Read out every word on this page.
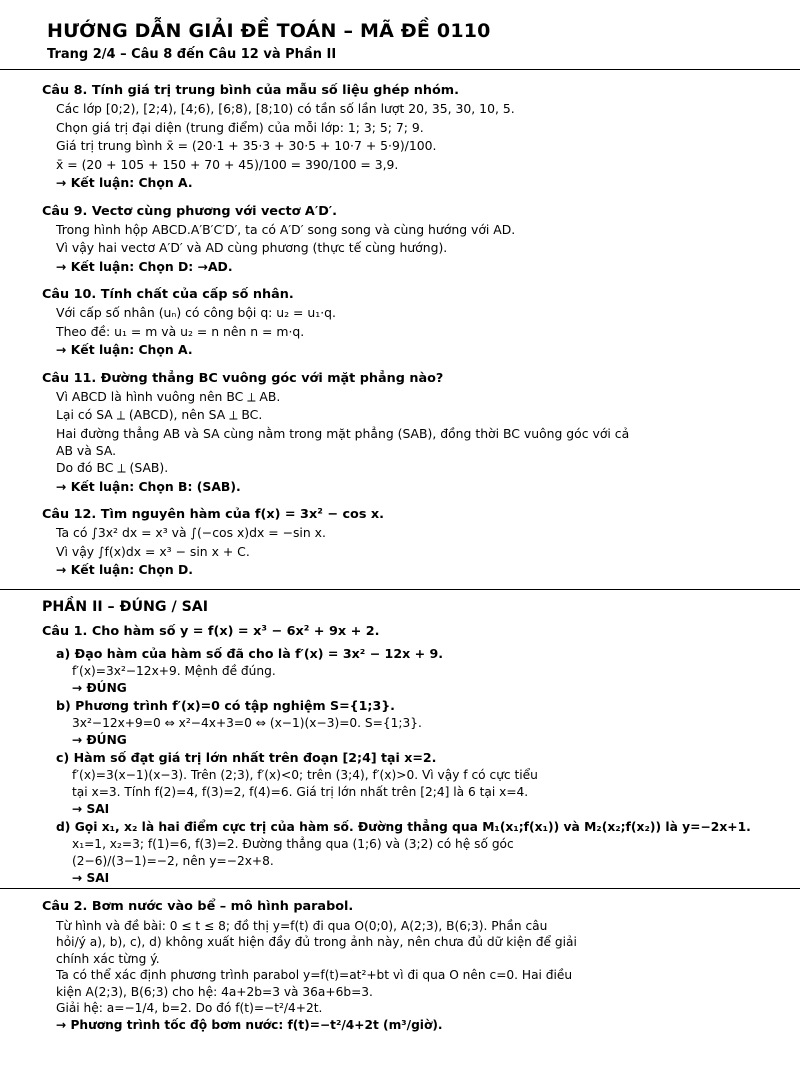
HƯỚNG DẪN GIẢI ĐỀ TOÁN – MÃ ĐỀ 0110
Trang 2/4 – Câu 8 đến Câu 12 và Phần II
Câu 8. Tính giá trị trung bình của mẫu số liệu ghép nhóm.
Các lớp [0;2), [2;4), [4;6), [6;8), [8;10) có tần số lần lượt 20, 35, 30, 10, 5.
Chọn giá trị đại diện (trung điểm) của mỗi lớp: 1; 3; 5; 7; 9.
Giá trị trung bình x̄ = (20·1 + 35·3 + 30·5 + 10·7 + 5·9)/100.
x̄ = (20 + 105 + 150 + 70 + 45)/100 = 390/100 = 3,9.
→ Kết luận: Chọn A.
Câu 9. Vectơ cùng phương với vectơ A′D′.
Trong hình hộp ABCD.A′B′C′D′, ta có A′D′ song song và cùng hướng với AD.
Vì vậy hai vectơ A′D′ và AD cùng phương (thực tế cùng hướng).
→ Kết luận: Chọn D: →AD.
Câu 10. Tính chất của cấp số nhân.
Với cấp số nhân (uₙ) có công bội q: u₂ = u₁·q.
Theo đề: u₁ = m và u₂ = n nên n = m·q.
→ Kết luận: Chọn A.
Câu 11. Đường thẳng BC vuông góc với mặt phẳng nào?
Vì ABCD là hình vuông nên BC ⟂ AB.
Lại có SA ⟂ (ABCD), nên SA ⟂ BC.
Hai đường thẳng AB và SA cùng nằm trong mặt phẳng (SAB), đồng thời BC vuông góc với cả
AB và SA.
Do đó BC ⟂ (SAB).
→ Kết luận: Chọn B: (SAB).
Câu 12. Tìm nguyên hàm của f(x) = 3x² − cos x.
Ta có ∫3x² dx = x³ và ∫(−cos x)dx = −sin x.
Vì vậy ∫f(x)dx = x³ − sin x + C.
→ Kết luận: Chọn D.
PHẦN II – ĐÚNG / SAI
Câu 1. Cho hàm số y = f(x) = x³ − 6x² + 9x + 2.
a) Đạo hàm của hàm số đã cho là f′(x) = 3x² − 12x + 9.
f′(x)=3x²−12x+9. Mệnh đề đúng.
→ ĐÚNG
b) Phương trình f′(x)=0 có tập nghiệm S={1;3}.
3x²−12x+9=0 ⇔ x²−4x+3=0 ⇔ (x−1)(x−3)=0. S={1;3}.
→ ĐÚNG
c) Hàm số đạt giá trị lớn nhất trên đoạn [2;4] tại x=2.
f′(x)=3(x−1)(x−3). Trên (2;3), f′(x)<0; trên (3;4), f′(x)>0. Vì vậy f có cực tiểu
tại x=3. Tính f(2)=4, f(3)=2, f(4)=6. Giá trị lớn nhất trên [2;4] là 6 tại x=4.
→ SAI
d) Gọi x₁, x₂ là hai điểm cực trị của hàm số. Đường thẳng qua M₁(x₁;f(x₁)) và M₂(x₂;f(x₂)) là y=−2x+1.
x₁=1, x₂=3; f(1)=6, f(3)=2. Đường thẳng qua (1;6) và (3;2) có hệ số góc
(2−6)/(3−1)=−2, nên y=−2x+8.
→ SAI
Câu 2. Bơm nước vào bể – mô hình parabol.
Từ hình và đề bài: 0 ≤ t ≤ 8; đồ thị y=f(t) đi qua O(0;0), A(2;3), B(6;3). Phần câu
hỏi/ý a), b), c), d) không xuất hiện đầy đủ trong ảnh này, nên chưa đủ dữ kiện để giải
chính xác từng ý.
Ta có thể xác định phương trình parabol y=f(t)=at²+bt vì đi qua O nên c=0. Hai điều
kiện A(2;3), B(6;3) cho hệ: 4a+2b=3 và 36a+6b=3.
Giải hệ: a=−1/4, b=2. Do đó f(t)=−t²/4+2t.
→ Phương trình tốc độ bơm nước: f(t)=−t²/4+2t (m³/giờ).
